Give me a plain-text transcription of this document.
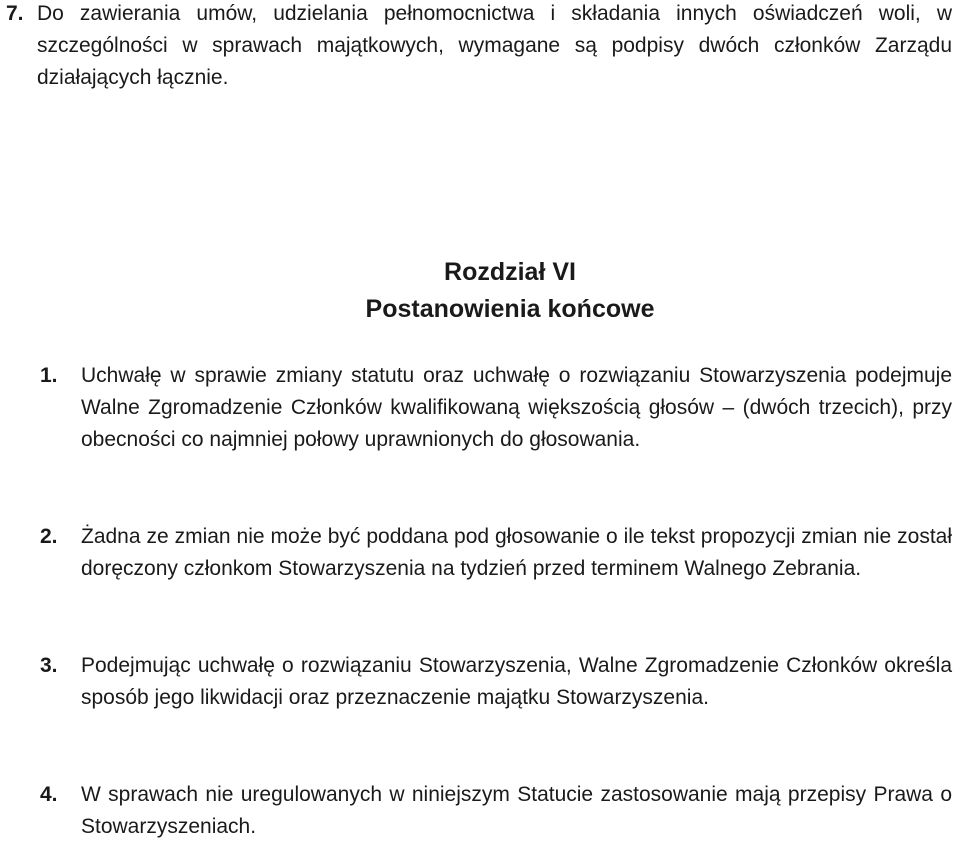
7. Do zawierania umów, udzielania pełnomocnictwa i składania innych oświadczeń woli, w szczególności w sprawach majątkowych, wymagane są podpisy dwóch członków Zarządu działających łącznie.
Rozdział VI
Postanowienia końcowe
1.	Uchwałę w sprawie zmiany statutu oraz uchwałę o rozwiązaniu Stowarzyszenia podejmuje Walne Zgromadzenie Członków kwalifikowaną większością głosów – (dwóch trzecich), przy obecności co najmniej połowy uprawnionych do głosowania.
2.	Żadna ze zmian nie może być poddana pod głosowanie o ile tekst propozycji zmian nie został doręczony członkom Stowarzyszenia na tydzień przed terminem Walnego Zebrania.
3.	Podejmując uchwałę o rozwiązaniu Stowarzyszenia, Walne Zgromadzenie Członków określa sposób jego likwidacji oraz przeznaczenie majątku Stowarzyszenia.
4.	W sprawach nie uregulowanych w niniejszym Statucie zastosowanie mają przepisy Prawa o Stowarzyszeniach.
